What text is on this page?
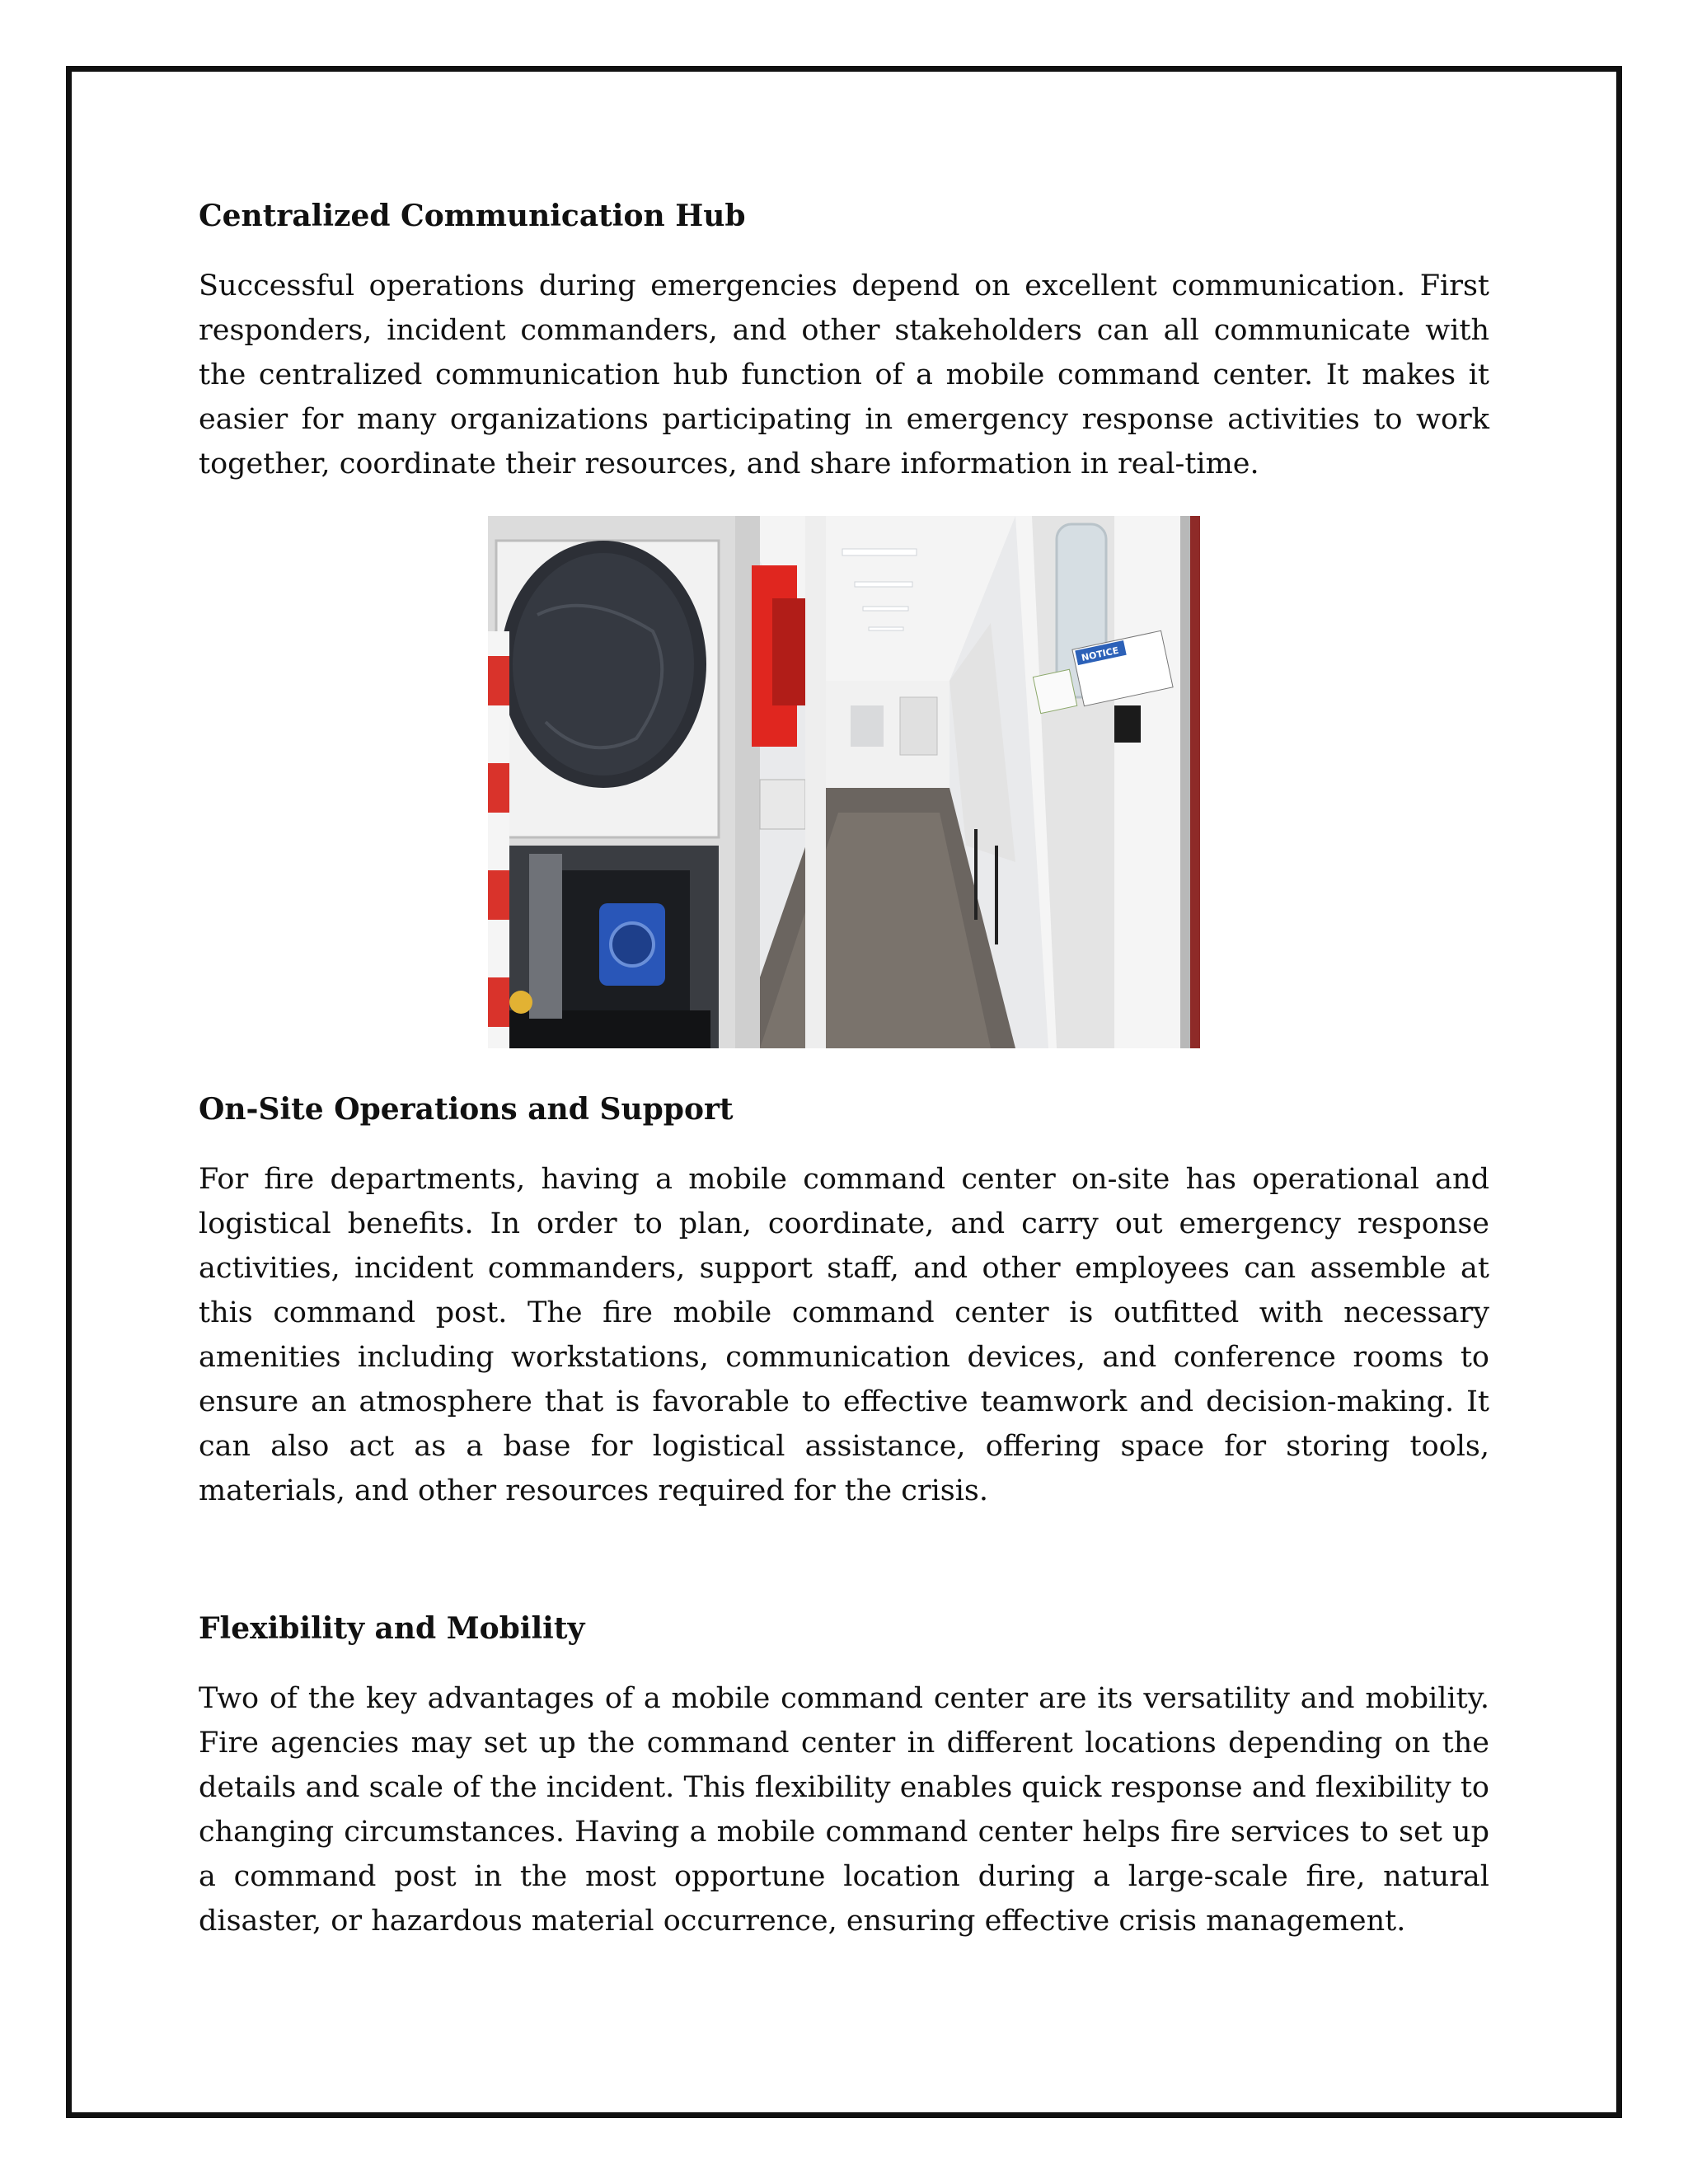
Centralized Communication Hub

Successful operations during emergencies depend on excellent communication. First responders, incident commanders, and other stakeholders can all communicate with the centralized communication hub function of a mobile command center. It makes it easier for many organizations participating in emergency response activities to work together, coordinate their resources, and share information in real-time.

NOTICE
On-Site Operations and Support

For fire departments, having a mobile command center on-site has operational and logistical benefits. In order to plan, coordinate, and carry out emergency response activities, incident commanders, support staff, and other employees can assemble at this command post. The fire mobile command center is outfitted with necessary amenities including workstations, communication devices, and conference rooms to ensure an atmosphere that is favorable to effective teamwork and decision-making. It can also act as a base for logistical assistance, offering space for storing tools, materials, and other resources required for the crisis.

Flexibility and Mobility

Two of the key advantages of a mobile command center are its versatility and mobility. Fire agencies may set up the command center in different locations depending on the details and scale of the incident. This flexibility enables quick response and flexibility to changing circumstances. Having a mobile command center helps fire services to set up a command post in the most opportune location during a large-scale fire, natural disaster, or hazardous material occurrence, ensuring effective crisis management.
